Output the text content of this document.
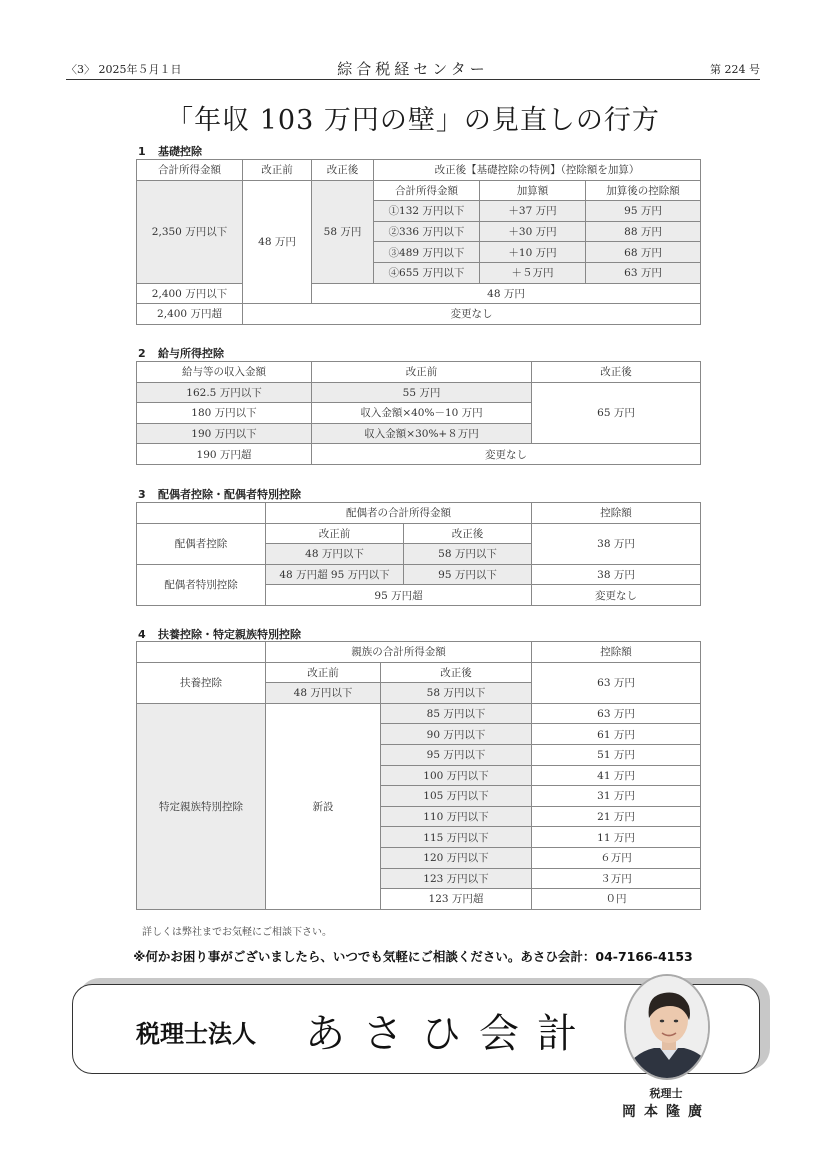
〈3〉 2025年５月１日	綜合税経センター	第 224 号
「年収 103 万円の壁」の見直しの行方
1 基礎控除
合計所得金額	改正前	改正後	改正後【基礎控除の特例】（控除額を加算）		
2,350 万円以下	48 万円	58 万円	合計所得金額	加算額	加算後の控除額
			①132 万円以下	＋37 万円	95 万円
			②336 万円以下	＋30 万円	88 万円
			③489 万円以下	＋10 万円	68 万円
			④655 万円以下	＋５万円	63 万円
2,400 万円以下		48 万円			
2,400 万円超	変更なし				
2 給与所得控除
給与等の収入金額	改正前	改正後
162.5 万円以下	55 万円	65 万円
180 万円以下	収入金額×40%－10 万円	
190 万円以下	収入金額×30%+８万円	
190 万円超	変更なし	
3 配偶者控除・配偶者特別控除
	配偶者の合計所得金額		控除額
配偶者控除	改正前	改正後	38 万円
	48 万円以下	58 万円以下	
配偶者特別控除	48 万円超 95 万円以下	95 万円以下	38 万円
	95 万円超		変更なし
4 扶養控除・特定親族特別控除
	親族の合計所得金額		控除額
扶養控除	改正前	改正後	63 万円
	48 万円以下	58 万円以下	
特定親族特別控除	新設	85 万円以下	63 万円
		90 万円以下	61 万円
		95 万円以下	51 万円
		100 万円以下	41 万円
		105 万円以下	31 万円
		110 万円以下	21 万円
		115 万円以下	11 万円
		120 万円以下	６万円
		123 万円以下	３万円
		123 万円超	０円
詳しくは弊社までお気軽にご相談下さい。
※何かお困り事がございましたら、いつでも気軽にご相談ください。あさひ会計：04-7166-4153
税理士法人 あさひ会計
税理士
岡本隆廣
